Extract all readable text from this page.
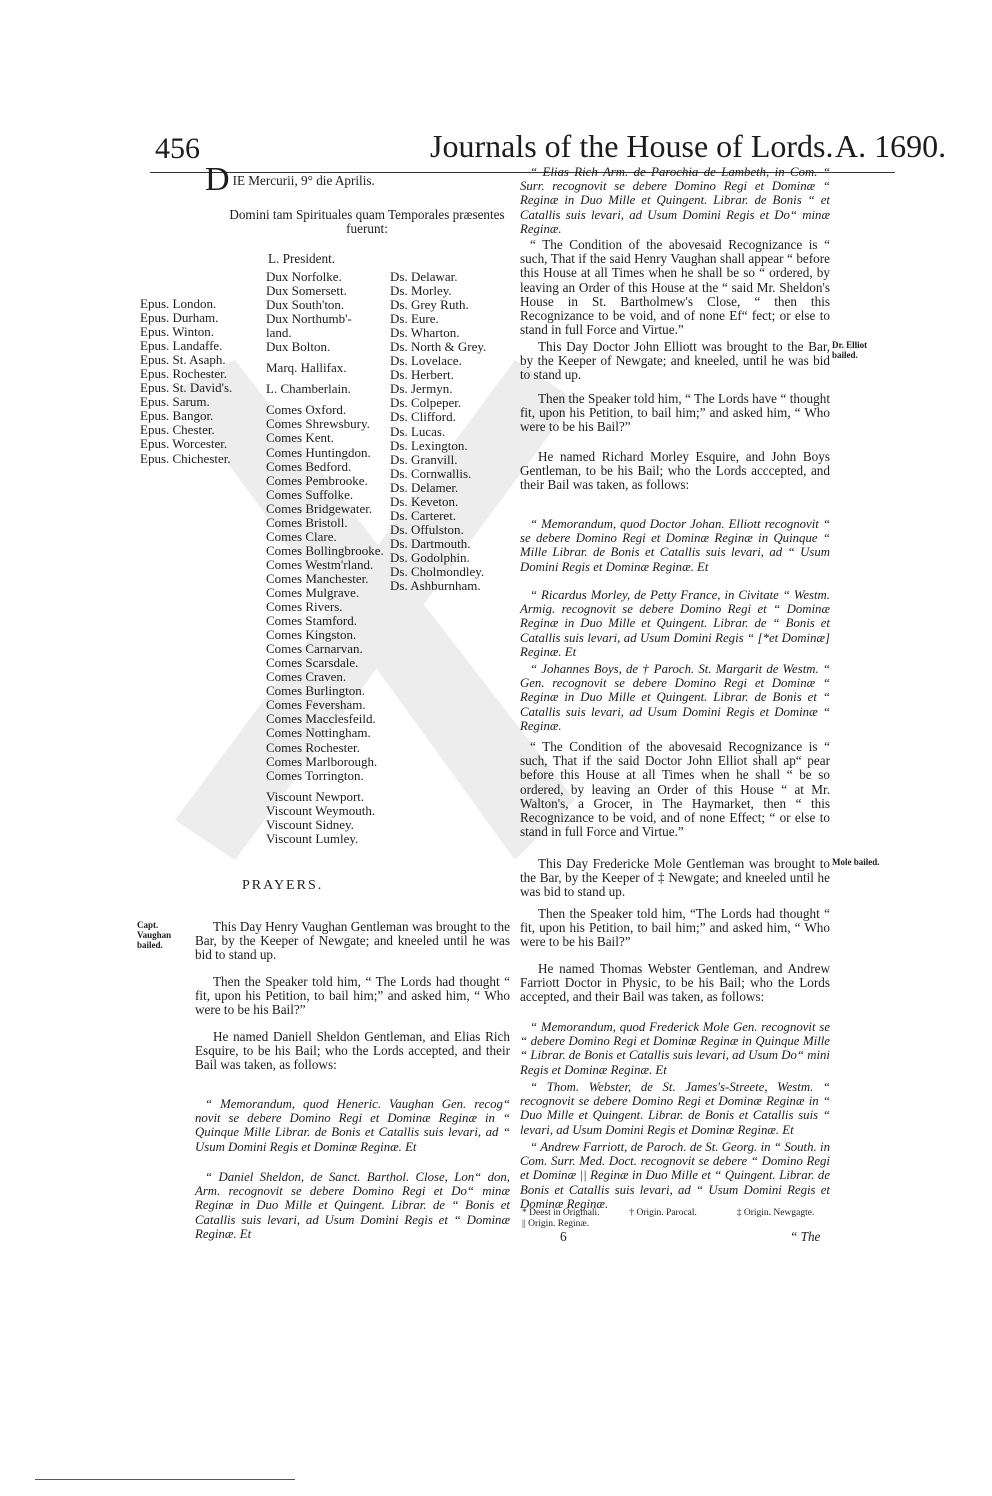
456	Journals of the House of Lords. A. 1690.
D IE Mercurii, 9° die Aprilis.
Domini tam Spirituales quam Temporales præsentes fuerunt:
L. President.
Epus. London.
Epus. Durham.
Epus. Winton.
Epus. Landaffe.
Epus. St. Asaph.
Epus. Rochester.
Epus. St. David's.
Epus. Sarum.
Epus. Bangor.
Epus. Chester.
Epus. Worcester.
Epus. Chichester.
Dux Norfolke.
Dux Somersett.
Dux South'ton.
Dux Northumb'-
land.
Dux Bolton.
Marq. Hallifax.
L. Chamberlain.
Comes Oxford.
Comes Shrewsbury.
Comes Kent.
Comes Huntingdon.
Comes Bedford.
Comes Pembrooke.
Comes Suffolke.
Comes Bridgewater.
Comes Bristoll.
Comes Clare.
Comes Bollingbrooke.
Comes Westm'rland.
Comes Manchester.
Comes Mulgrave.
Comes Rivers.
Comes Stamford.
Comes Kingston.
Comes Carnarvan.
Comes Scarsdale.
Comes Craven.
Comes Burlington.
Comes Feversham.
Comes Macclesfeild.
Comes Nottingham.
Comes Rochester.
Comes Marlborough.
Comes Torrington.
Viscount Newport.
Viscount Weymouth.
Viscount Sidney.
Viscount Lumley.
Ds. Delawar.
Ds. Morley.
Ds. Grey Ruth.
Ds. Eure.
Ds. Wharton.
Ds. North & Grey.
Ds. Lovelace.
Ds. Herbert.
Ds. Jermyn.
Ds. Colpeper.
Ds. Clifford.
Ds. Lucas.
Ds. Lexington.
Ds. Granvill.
Ds. Cornwallis.
Ds. Delamer.
Ds. Keveton.
Ds. Carteret.
Ds. Offulston.
Ds. Dartmouth.
Ds. Godolphin.
Ds. Cholmondley.
Ds. Ashburnham.
PRAYERS.
Capt. Vaughan bailed.
Dr. Elliot bailed.
Mole bailed.
This Day Henry Vaughan Gentleman was brought to the Bar, by the Keeper of Newgate; and kneeled until he was bid to stand up.
Then the Speaker told him, “ The Lords had thought “ fit, upon his Petition, to bail him;” and asked him, “ Who were to be his Bail?”
He named Daniell Sheldon Gentleman, and Elias Rich Esquire, to be his Bail; who the Lords accepted, and their Bail was taken, as follows:
“ Memorandum, quod Heneric. Vaughan Gen. recog“ novit se debere Domino Regi et Dominæ Reginæ in “ Quinque Mille Librar. de Bonis et Catallis suis levari, ad “ Usum Domini Regis et Dominæ Reginæ. Et
“ Daniel Sheldon, de Sanct. Barthol. Close, Lon“ don, Arm. recognovit se debere Domino Regi et Do“ minæ Reginæ in Duo Mille et Quingent. Librar. de “ Bonis et Catallis suis levari, ad Usum Domini Regis et “ Dominæ Reginæ. Et
“ Elias Rich Arm. de Parochia de Lambeth, in Com. “ Surr. recognovit se debere Domino Regi et Dominæ “ Reginæ in Duo Mille et Quingent. Librar. de Bonis “ et Catallis suis levari, ad Usum Domini Regis et Do“ minæ Reginæ.
“ The Condition of the abovesaid Recognizance is “ such, That if the said Henry Vaughan shall appear “ before this House at all Times when he shall be so “ ordered, by leaving an Order of this House at the “ said Mr. Sheldon's House in St. Bartholmew's Close, “ then this Recognizance to be void, and of none Ef“ fect; or else to stand in full Force and Virtue.”
This Day Doctor John Elliott was brought to the Bar, by the Keeper of Newgate; and kneeled, until he was bid to stand up.
Then the Speaker told him, “ The Lords have “ thought fit, upon his Petition, to bail him;” and asked him, “ Who were to be his Bail?”
He named Richard Morley Esquire, and John Boys Gentleman, to be his Bail; who the Lords acccepted, and their Bail was taken, as follows:
“ Memorandum, quod Doctor Johan. Elliott recognovit “ se debere Domino Regi et Dominæ Reginæ in Quinque “ Mille Librar. de Bonis et Catallis suis levari, ad “ Usum Domini Regis et Dominæ Reginæ. Et
“ Ricardus Morley, de Petty France, in Civitate “ Westm. Armig. recognovit se debere Domino Regi et “ Dominæ Reginæ in Duo Mille et Quingent. Librar. de “ Bonis et Catallis suis levari, ad Usum Domini Regis “ [*et Dominæ] Reginæ. Et
“ Johannes Boys, de † Paroch. St. Margarit de Westm. “ Gen. recognovit se debere Domino Regi et Dominæ “ Reginæ in Duo Mille et Quingent. Librar. de Bonis et “ Catallis suis levari, ad Usum Domini Regis et Dominæ “ Reginæ.
“ The Condition of the abovesaid Recognizance is “ such, That if the said Doctor John Elliot shall ap“ pear before this House at all Times when he shall “ be so ordered, by leaving an Order of this House “ at Mr. Walton's, a Grocer, in The Haymarket, then “ this Recognizance to be void, and of none Effect; “ or else to stand in full Force and Virtue.”
This Day Fredericke Mole Gentleman was brought to the Bar, by the Keeper of ‡ Newgate; and kneeled until he was bid to stand up.
Then the Speaker told him, “The Lords had thought “ fit, upon his Petition, to bail him;” and asked him, “ Who were to be his Bail?”
He named Thomas Webster Gentleman, and Andrew Farriott Doctor in Physic, to be his Bail; who the Lords accepted, and their Bail was taken, as follows:
“ Memorandum, quod Frederick Mole Gen. recognovit se “ debere Domino Regi et Dominæ Reginæ in Quinque Mille “ Librar. de Bonis et Catallis suis levari, ad Usum Do“ mini Regis et Dominæ Reginæ. Et
“ Thom. Webster, de St. James's-Streete, Westm. “ recognovit se debere Domino Regi et Dominæ Reginæ in “ Duo Mille et Quingent. Librar. de Bonis et Catallis suis “ levari, ad Usum Domini Regis et Dominæ Reginæ. Et
“ Andrew Farriott, de Paroch. de St. Georg. in “ South. in Com. Surr. Med. Doct. recognovit se debere “ Domino Regi et Dominæ || Reginæ in Duo Mille et “ Quingent. Librar. de Bonis et Catallis suis levari, ad “ Usum Domini Regis et Dominæ Reginæ.
* Deest in Originali.	† Origin. Parocal.	‡ Origin. Newgagte.
|| Origin. Reginæ.
6	“ The
